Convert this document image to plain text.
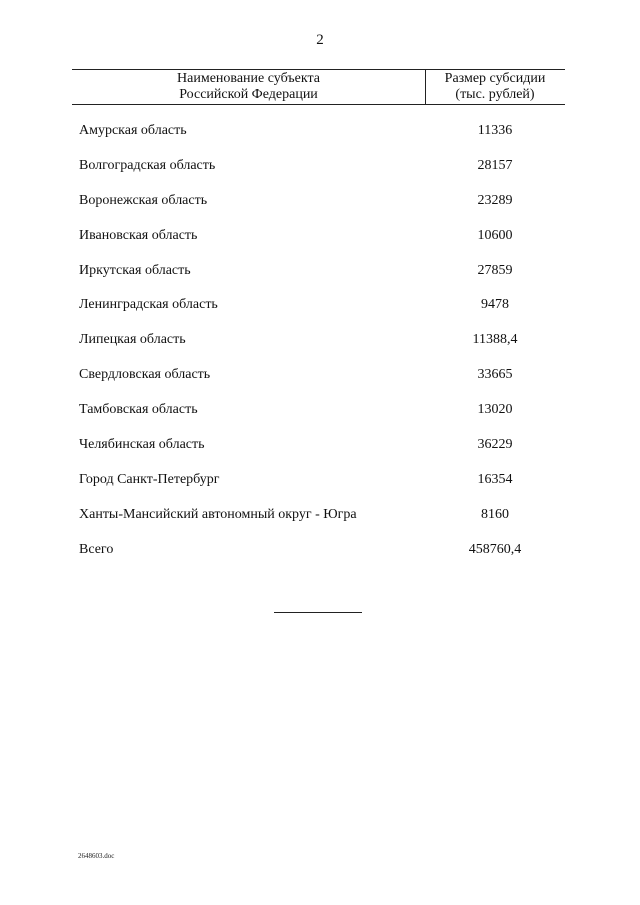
2
Наименование субъекта
Российской Федерации
Размер субсидии
(тыс. рублей)
Амурская область	11336
Волгоградская область	28157
Воронежская область	23289
Ивановская область	10600
Иркутская область	27859
Ленинградская область	9478
Липецкая область	11388,4
Свердловская область	33665
Тамбовская область	13020
Челябинская область	36229
Город Санкт-Петербург	16354
Ханты-Мансийский автономный округ - Югра	8160
Всего	458760,4
2648603.doc
